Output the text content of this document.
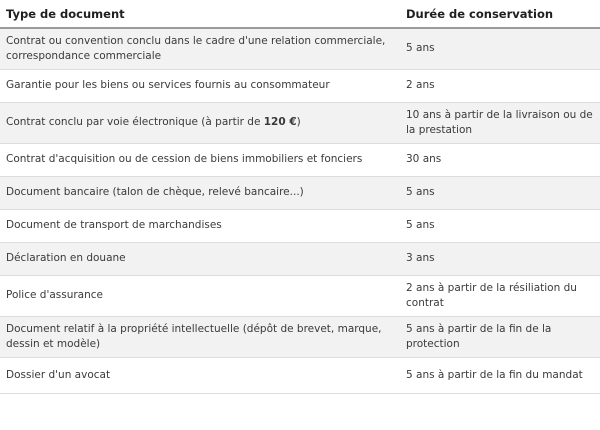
Type de document	Durée de conservation
Contrat ou convention conclu dans le cadre d'une relation commerciale, correspondance commerciale	5 ans
Garantie pour les biens ou services fournis au consommateur	2 ans
Contrat conclu par voie électronique (à partir de 120 €)	10 ans à partir de la livraison ou de la prestation
Contrat d'acquisition ou de cession de biens immobiliers et fonciers	30 ans
Document bancaire (talon de chèque, relevé bancaire...)	5 ans
Document de transport de marchandises	5 ans
Déclaration en douane	3 ans
Police d'assurance	2 ans à partir de la résiliation du contrat
Document relatif à la propriété intellectuelle (dépôt de brevet, marque, dessin et modèle)	5 ans à partir de la fin de la protection
Dossier d'un avocat	5 ans à partir de la fin du mandat
